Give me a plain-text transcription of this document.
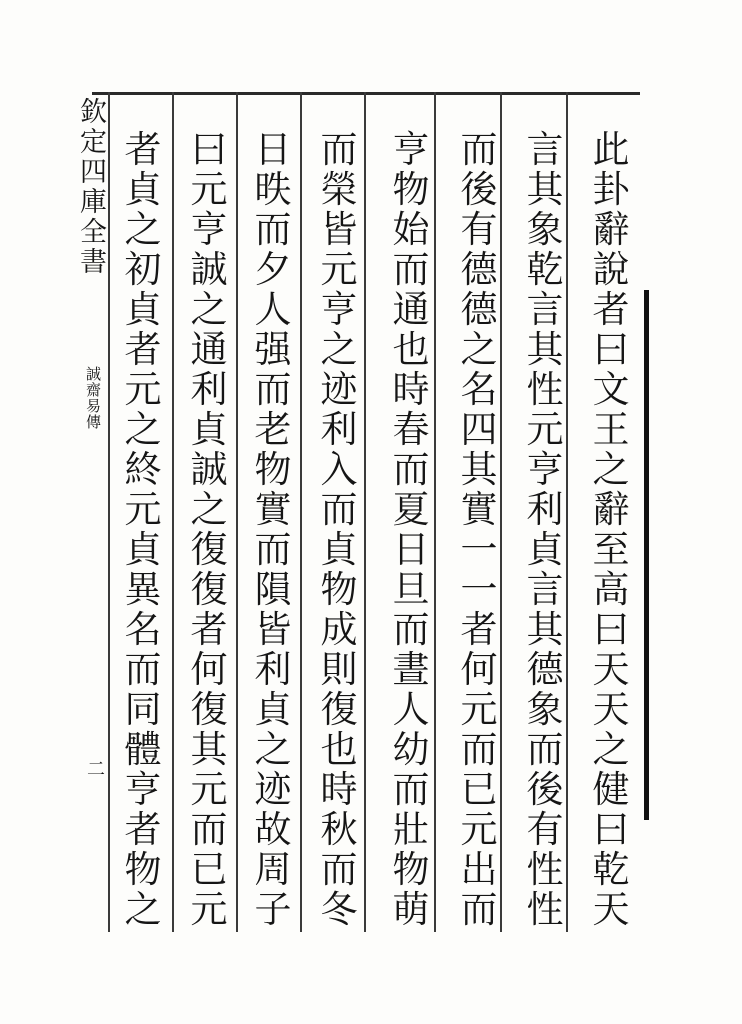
欽
定
四
庫
全
書
誠
齋
易
傳
二
此
卦
辭
說
者
曰
文
王
之
辭
至
高
曰
天
天
之
健
曰
乾
天
言
其
象
乾
言
其
性
元
亨
利
貞
言
其
德
象
而
後
有
性
性
而
後
有
德
德
之
名
四
其
實
一
一
者
何
元
而
已
元
出
而
亨
物
始
而
通
也
時
春
而
夏
日
旦
而
晝
人
幼
而
壯
物
萌
而
榮
皆
元
亨
之
迹
利
入
而
貞
物
成
則
復
也
時
秋
而
冬
日
昳
而
夕
人
强
而
老
物
實
而
隕
皆
利
貞
之
迹
故
周
子
曰
元
亨
誠
之
通
利
貞
誠
之
復
復
者
何
復
其
元
而
已
元
者
貞
之
初
貞
者
元
之
終
元
貞
異
名
而
同
體
亨
者
物
之
